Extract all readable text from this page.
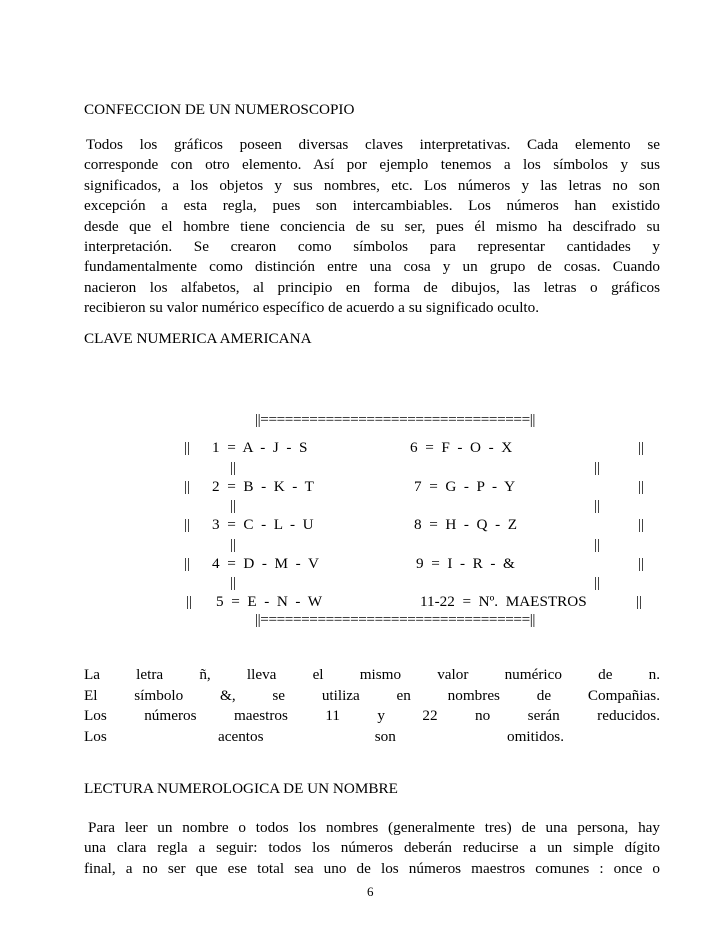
CONFECCION DE UN NUMEROSCOPIO
Todos los gráficos poseen diversas claves interpretativas. Cada elemento se
corresponde con otro elemento. Así por ejemplo tenemos a los símbolos y sus
significados, a los objetos y sus nombres, etc. Los números y las letras no son
excepción a esta regla, pues son intercambiables. Los números han existido
desde que el hombre tiene conciencia de su ser, pues él mismo ha descifrado su
interpretación. Se crearon como símbolos para representar cantidades y
fundamentalmente como distinción entre una cosa y un grupo de cosas. Cuando
nacieron los alfabetos, al principio en forma de dibujos, las letras o gráficos
recibieron su valor numérico específico de acuerdo a su significado oculto.
CLAVE NUMERICA AMERICANA
||=================================||
|| 1  =  A  -  J  -  S	6  =  F  -  O  -  X	||
||	||
|| 2  =  B  -  K  -  T	7  =  G  -  P  -  Y	||
||	||
|| 3  =  C  -  L  -  U	8  =  H  -  Q  -  Z	||
||	||
|| 4  =  D  -  M  -  V	9  =  I  -  R  -  &	||
||	||
|| 5  =  E  -  N  -  W	11-22  =  Nº.  MAESTROS	||
||=================================||
La letra ñ, lleva el mismo valor numérico de n.
El símbolo &, se utiliza en nombres de Compañias.
Los números maestros 11 y 22 no serán reducidos.
Los acentos son omitidos.
LECTURA NUMEROLOGICA DE UN NOMBRE
Para leer un nombre o todos los nombres (generalmente tres) de una persona, hay
una clara regla a seguir: todos los números deberán reducirse a un simple dígito
final, a no ser que ese total sea uno de los números maestros comunes : once o
6
